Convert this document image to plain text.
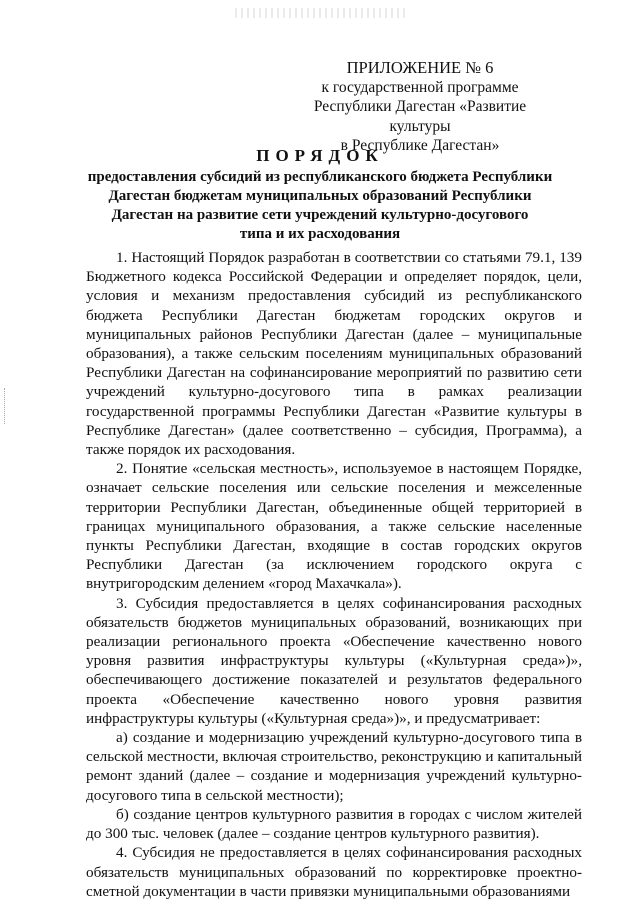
ПРИЛОЖЕНИЕ № 6
к государственной программе
Республики Дагестан «Развитие культуры
в Республике Дагестан»
ПОРЯДОК
предоставления субсидий из республиканского бюджета Республики
Дагестан бюджетам муниципальных образований Республики
Дагестан на развитие сети учреждений культурно-досугового
типа и их расходования

1. Настоящий Порядок разработан в соответствии со статьями 79.1, 139 Бюджетного кодекса Российской Федерации и определяет порядок, цели, условия и механизм предоставления субсидий из республиканского бюджета Республики Дагестан бюджетам городских округов и муниципальных районов Республики Дагестан (далее – муниципальные образования), а также сельским поселениям муниципальных образований Республики Дагестан на софинансирование мероприятий по развитию сети учреждений культурно-досугового типа в рамках реализации государственной программы Республики Дагестан «Развитие культуры в Республике Дагестан» (далее соответственно – субсидия, Программа), а также порядок их расходования.

2. Понятие «сельская местность», используемое в настоящем Порядке, означает сельские поселения или сельские поселения и межселенные территории Республики Дагестан, объединенные общей территорией в границах муниципального образования, а также сельские населенные пункты Республики Дагестан, входящие в состав городских округов Республики Дагестан (за исключением городского округа с внутригородским делением «город Махачкала»).

3. Субсидия предоставляется в целях софинансирования расходных обязательств бюджетов муниципальных образований, возникающих при реализации регионального проекта «Обеспечение качественно нового уровня развития инфраструктуры культуры («Культурная среда»)», обеспечивающего достижение показателей и результатов федерального проекта «Обеспечение качественно нового уровня развития инфраструктуры культуры («Культурная среда»)», и предусматривает:

а) создание и модернизацию учреждений культурно-досугового типа в сельской местности, включая строительство, реконструкцию и капитальный ремонт зданий (далее – создание и модернизация учреждений культурно-досугового типа в сельской местности);

б) создание центров культурного развития в городах с числом жителей до 300 тыс. человек (далее – создание центров культурного развития).

4. Субсидия не предоставляется в целях софинансирования расходных обязательств муниципальных образований по корректировке проектно-сметной документации в части привязки муниципальными образованиями
